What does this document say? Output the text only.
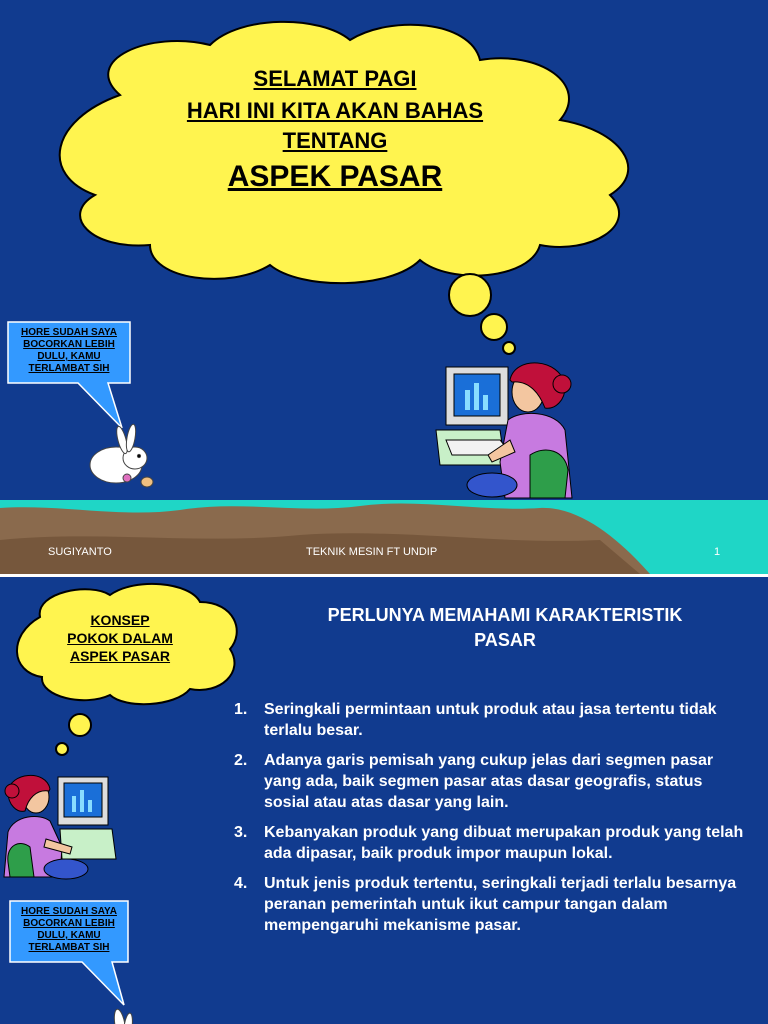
SELAMAT PAGI
HARI INI KITA AKAN BAHAS
TENTANG
ASPEK PASAR
HORE SUDAH SAYA
BOCORKAN LEBIH
DULU, KAMU
TERLAMBAT SIH
SUGIYANTO	TEKNIK MESIN FT UNDIP	1
KONSEP
POKOK DALAM
ASPEK PASAR
HORE SUDAH SAYA
BOCORKAN LEBIH
DULU, KAMU
TERLAMBAT SIH
PERLUNYA MEMAHAMI KARAKTERISTIK
PASAR
1.	Seringkali permintaan untuk produk atau jasa tertentu tidak terlalu besar.
2.	Adanya garis pemisah yang cukup jelas dari segmen pasar yang ada, baik segmen pasar atas dasar geografis, status sosial atau atas dasar yang lain.
3.	Kebanyakan produk yang dibuat merupakan produk yang telah ada dipasar, baik produk impor maupun lokal.
4.	Untuk jenis produk tertentu, seringkali terjadi terlalu besarnya peranan pemerintah untuk ikut campur tangan dalam mempengaruhi mekanisme pasar.
